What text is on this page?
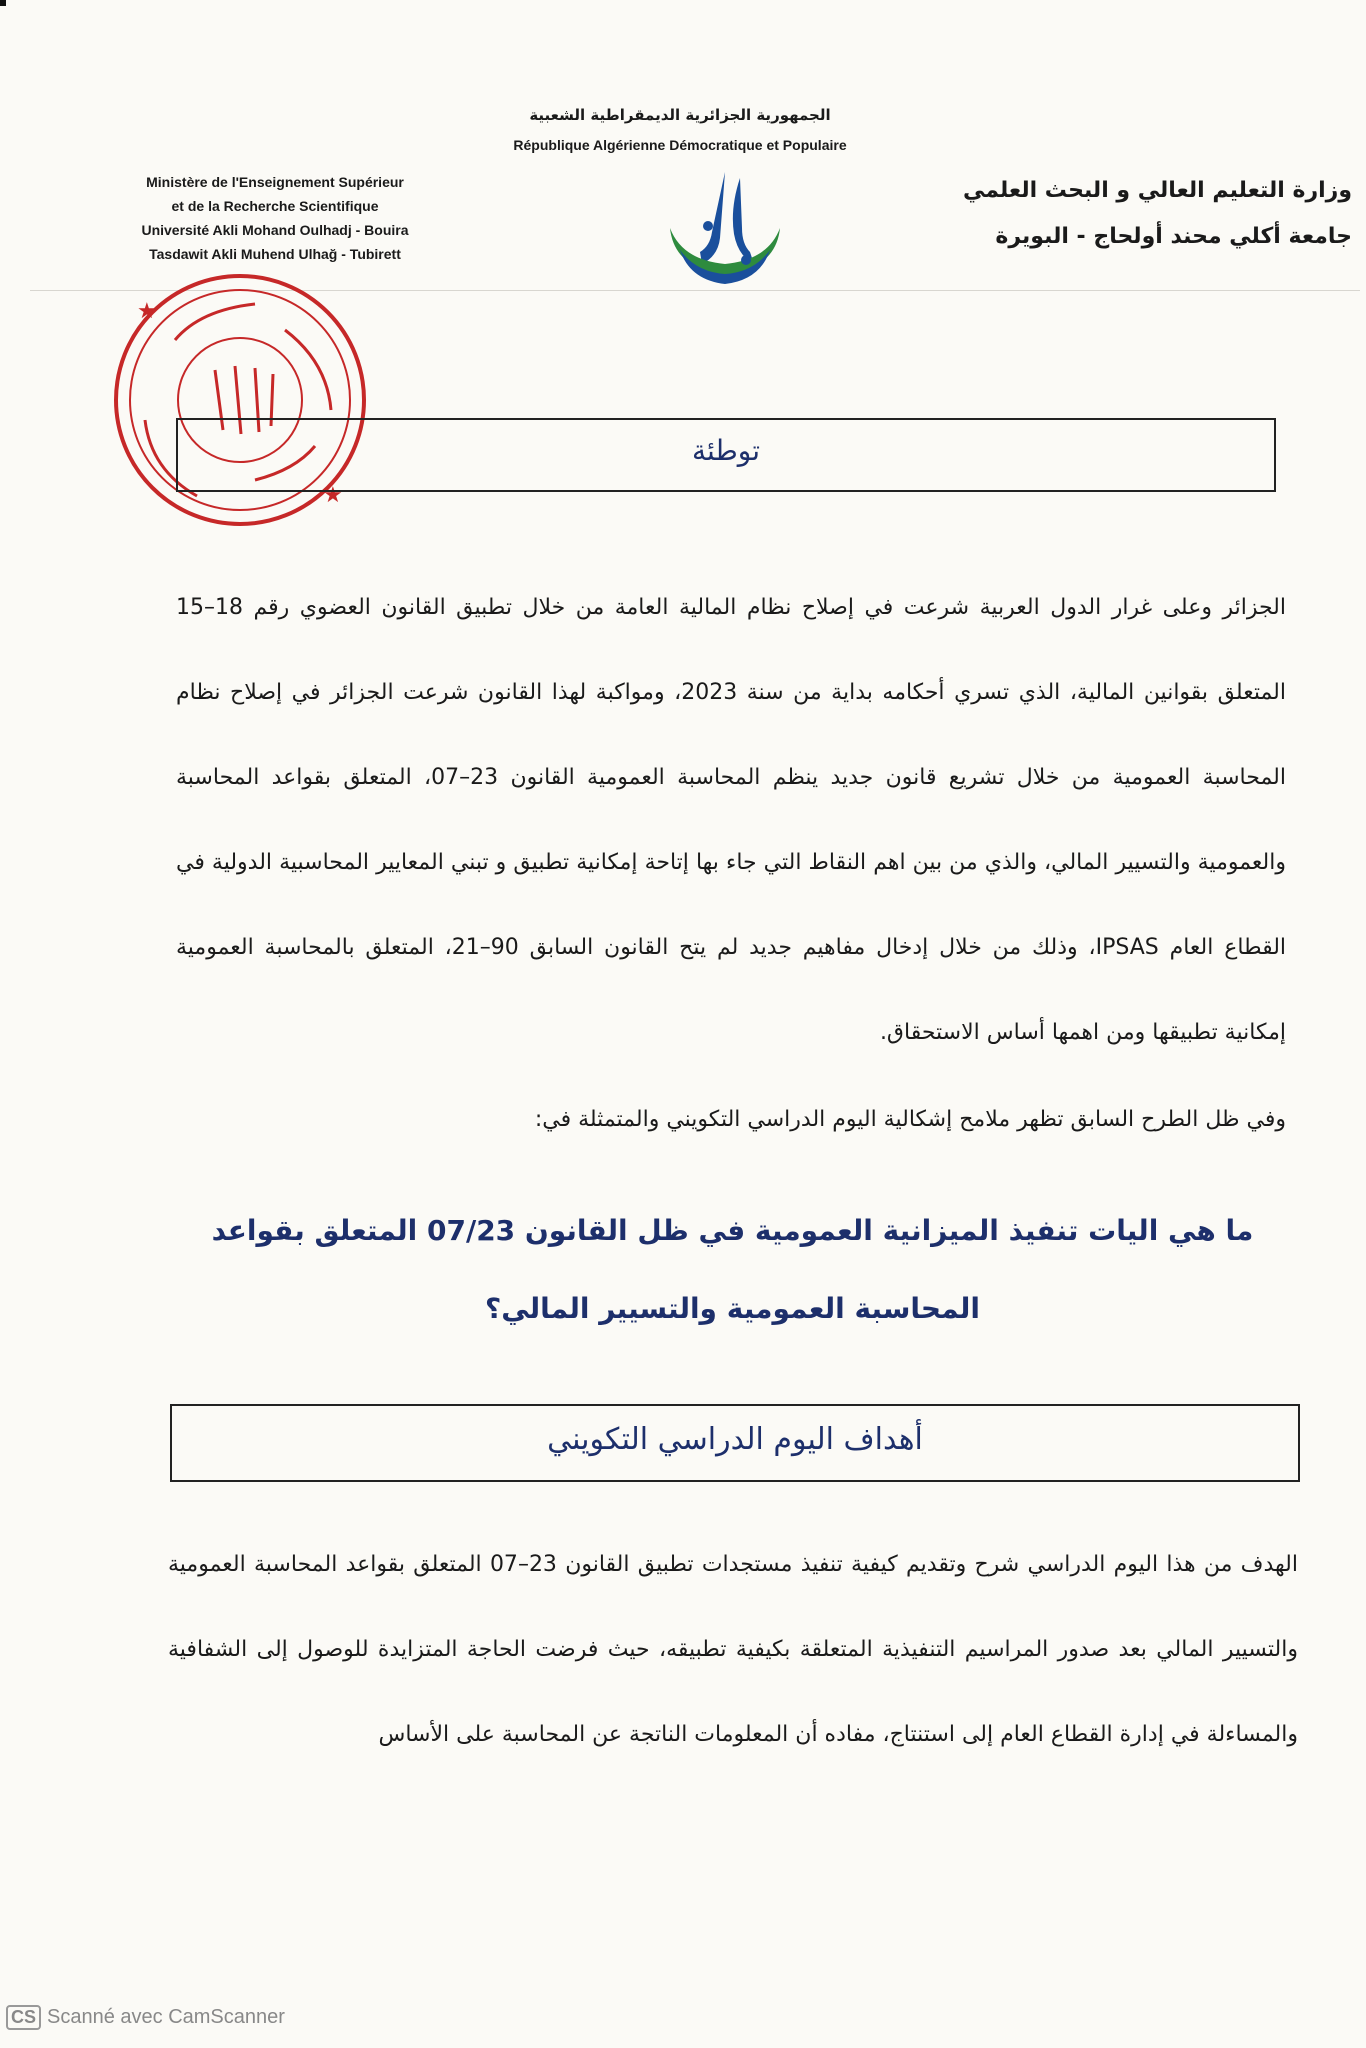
الجمهورية الجزائرية الديمقراطية الشعبية
République Algérienne Démocratique et Populaire
Ministère de l'Enseignement Supérieur
et de la Recherche Scientifique
Université Akli Mohand Oulhadj - Bouira
Tasdawit Akli Muhend Ulhağ - Tubirett
وزارة التعليم العالي و البحث العلمي
جامعة أكلي محند أولحاج - البويرة
★
★
توطئة
الجزائر وعلى غرار الدول العربية شرعت في إصلاح نظام المالية العامة من خلال تطبيق القانون العضوي رقم 18–15 المتعلق بقوانين المالية، الذي تسري أحكامه بداية من سنة 2023، ومواكبة لهذا القانون شرعت الجزائر في إصلاح نظام المحاسبة العمومية من خلال تشريع قانون جديد ينظم المحاسبة العمومية القانون 23–07، المتعلق بقواعد المحاسبة والعمومية والتسيير المالي، والذي من بين اهم النقاط التي جاء بها إتاحة إمكانية تطبيق و تبني المعايير المحاسبية الدولية في القطاع العام IPSAS، وذلك من خلال إدخال مفاهيم جديد لم يتح القانون السابق 90–21، المتعلق بالمحاسبة العمومية إمكانية تطبيقها ومن اهمها أساس الاستحقاق.
وفي ظل الطرح السابق تظهر ملامح إشكالية اليوم الدراسي التكويني والمتمثلة في:
ما هي اليات تنفيذ الميزانية العمومية في ظل القانون 07/23 المتعلق بقواعد المحاسبة العمومية والتسيير المالي؟
أهداف اليوم الدراسي التكويني
الهدف من هذا اليوم الدراسي شرح وتقديم كيفية تنفيذ مستجدات تطبيق القانون 23–07 المتعلق بقواعد المحاسبة العمومية والتسيير المالي بعد صدور المراسيم التنفيذية المتعلقة بكيفية تطبيقه، حيث فرضت الحاجة المتزايدة للوصول إلى الشفافية والمساءلة في إدارة القطاع العام إلى استنتاج، مفاده أن المعلومات الناتجة عن المحاسبة على الأساس
CS Scanné avec CamScanner
